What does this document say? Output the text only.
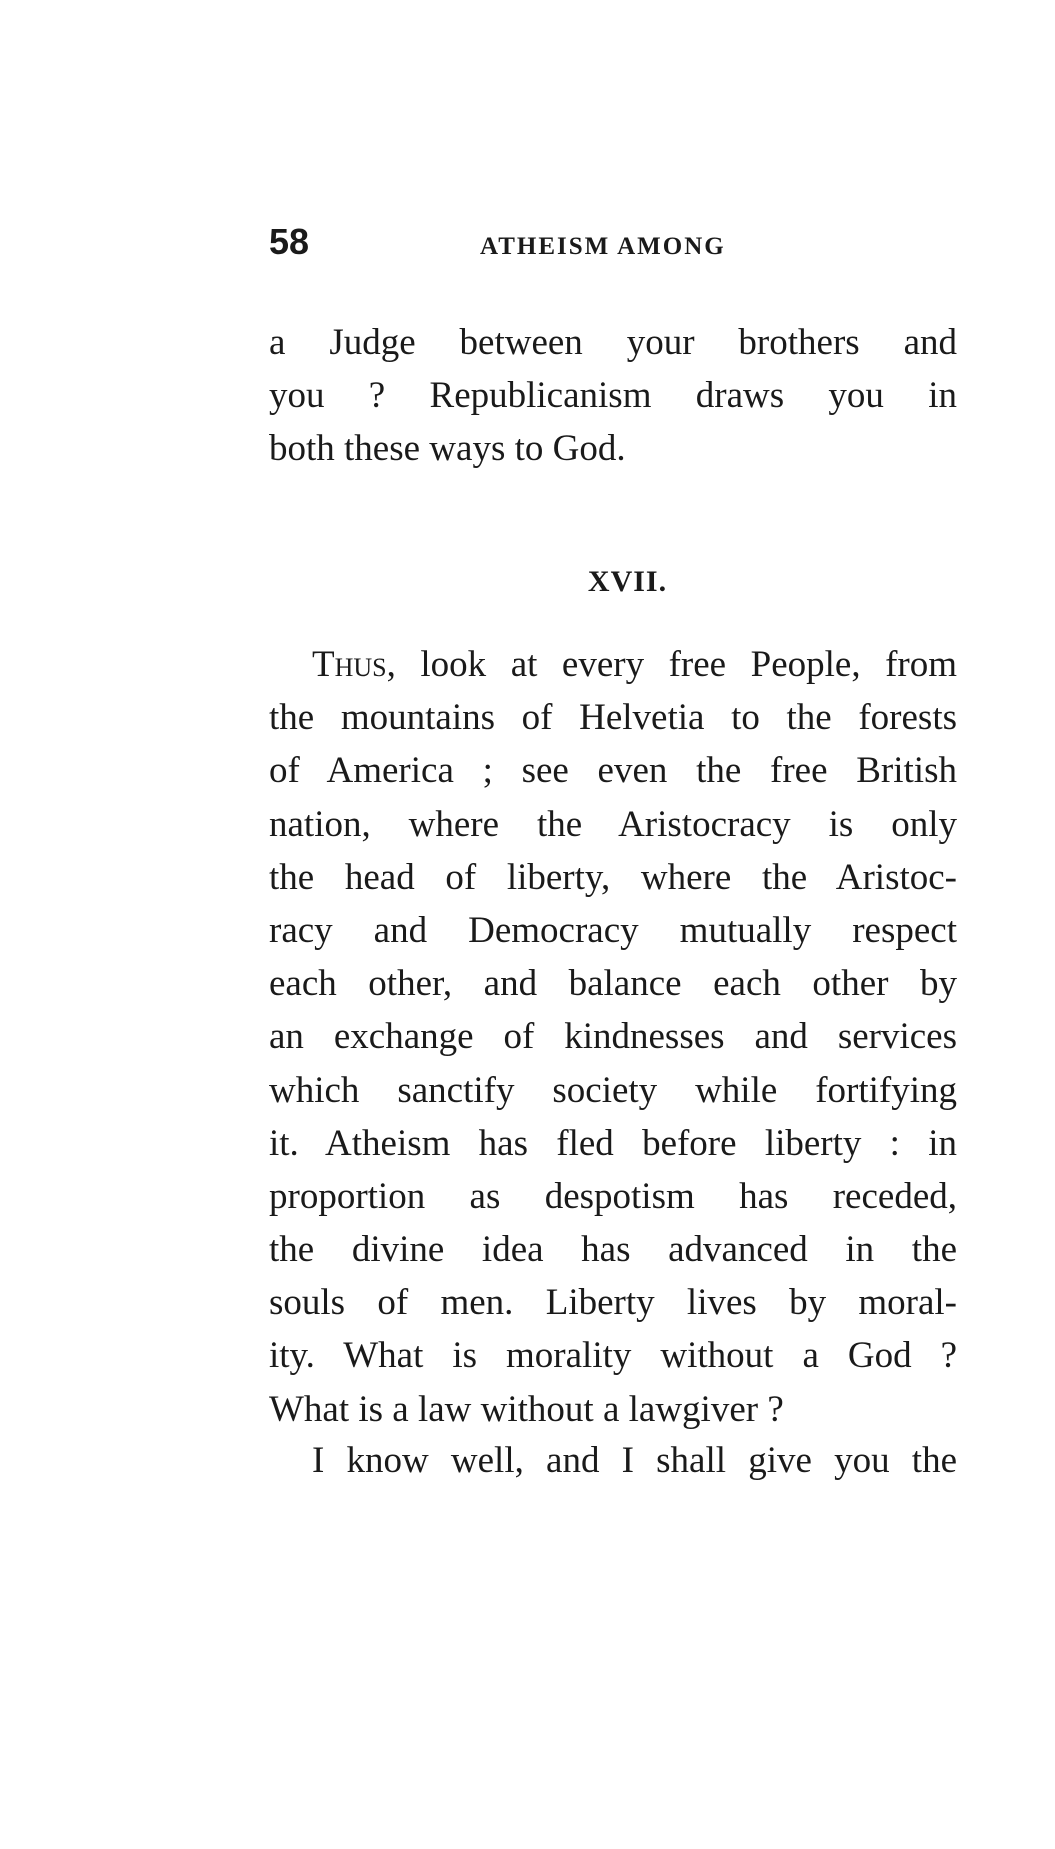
58	ATHEISM AMONG
a Judge between your brothers and
you ? Republicanism draws you in
both these ways to God.
XVII.
Thus, look at every free People, from
the mountains of Helvetia to the forests
of America ; see even the free British
nation, where the Aristocracy is only
the head of liberty, where the Aristoc-
racy and Democracy mutually respect
each other, and balance each other by
an exchange of kindnesses and services
which sanctify society while fortifying
it. Atheism has fled before liberty : in
proportion as despotism has receded,
the divine idea has advanced in the
souls of men. Liberty lives by moral-
ity. What is morality without a God ?
What is a law without a lawgiver ?
I know well, and I shall give you the
